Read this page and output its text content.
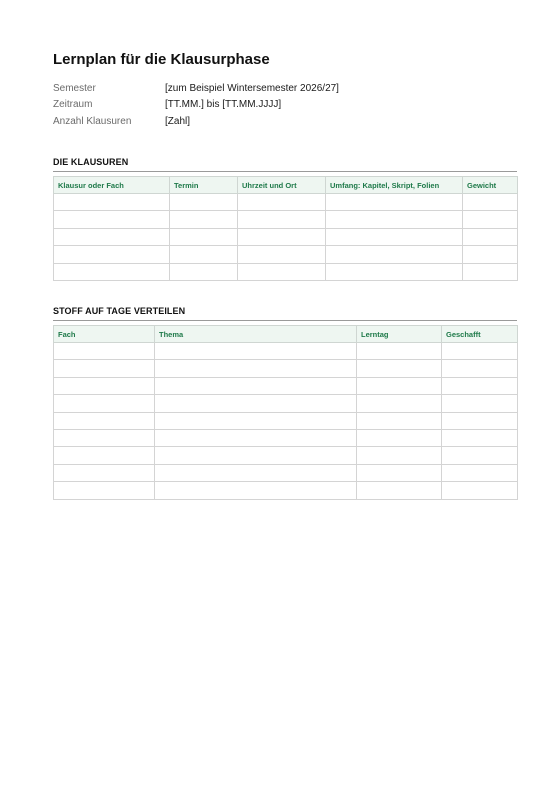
Lernplan für die Klausurphase
Semester	[zum Beispiel Wintersemester 2026/27]
Zeitraum	[TT.MM.] bis [TT.MM.JJJJ]
Anzahl Klausuren	[Zahl]
DIE KLAUSUREN
Klausur oder Fach	Termin	Uhrzeit und Ort	Umfang: Kapitel, Skript, Folien	Gewicht

STOFF AUF TAGE VERTEILEN
Fach	Thema	Lerntag	Geschafft
